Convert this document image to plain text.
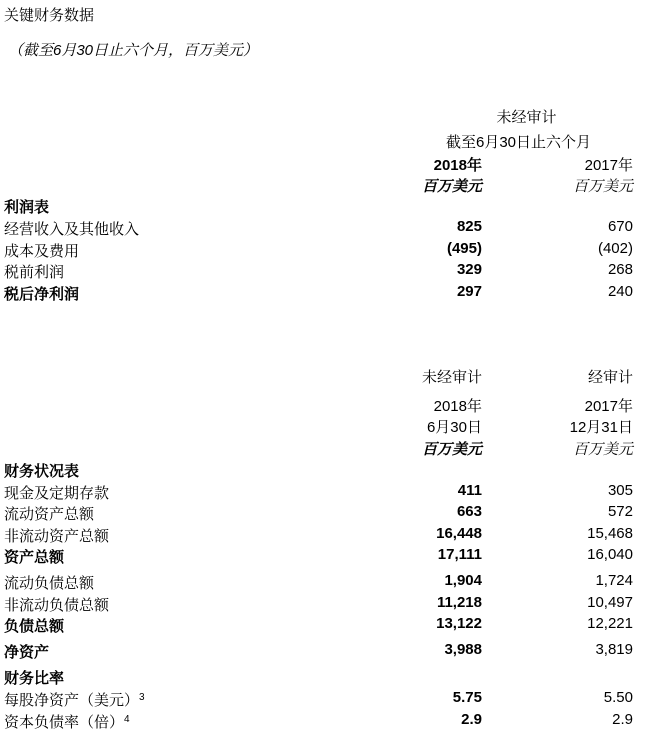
关键财务数据
（截至6月30日止六个月，百万美元）
未经审计
截至6月30日止六个月
2018年	2017年
百万美元	百万美元
利润表
经营收入及其他收入	825	670
成本及费用	(495)	(402)
税前利润	329	268
税后净利润	297	240
未经审计	经审计
2018年	2017年
6月30日	12月31日
百万美元	百万美元
财务状况表
现金及定期存款	411	305
流动资产总额	663	572
非流动资产总额	16,448	15,468
资产总额	17,111	16,040
流动负债总额	1,904	1,724
非流动负债总额	11,218	10,497
负债总额	13,122	12,221
净资产	3,988	3,819
财务比率
每股净资产（美元）$^3$	5.75	5.50
资本负债率（倍）$^4$	2.9	2.9
